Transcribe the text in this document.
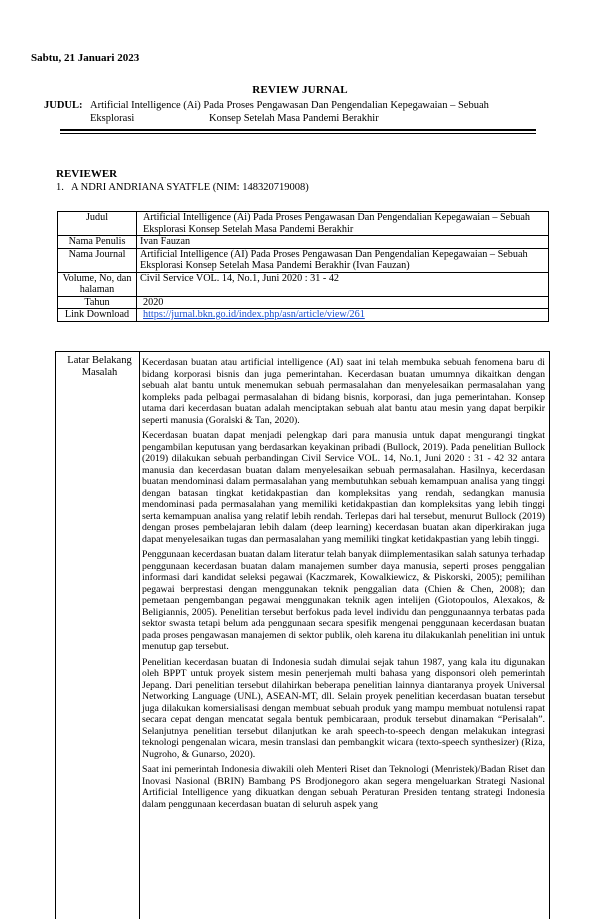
Sabtu, 21 Januari 2023
REVIEW JURNAL
JUDUL: Artificial Intelligence (Ai) Pada Proses Pengawasan Dan Pengendalian Kepegawaian – Sebuah
Eksplorasi	Konsep Setelah Masa Pandemi Berakhir
REVIEWER
1. A NDRI ANDRIANA SYATFLE (NIM: 148320719008)
Judul	Artificial Intelligence (Ai) Pada Proses Pengawasan Dan Pengendalian Kepegawaian – Sebuah Eksplorasi Konsep Setelah Masa Pandemi Berakhir
Nama Penulis	Ivan Fauzan
Nama Journal	Artificial Intelligence (AI) Pada Proses Pengawasan Dan Pengendalian Kepegawaian – Sebuah Eksplorasi Konsep Setelah Masa Pandemi Berakhir (Ivan Fauzan)
Volume, No, dan halaman	Civil Service VOL. 14, No.1, Juni 2020 : 31 - 42
Tahun	2020
Link Download	https://jurnal.bkn.go.id/index.php/asn/article/view/261
Latar Belakang Masalah

Kecerdasan buatan atau artificial intelligence (AI) saat ini telah membuka sebuah fenomena baru di bidang korporasi bisnis dan juga pemerintahan. Kecerdasan buatan umumnya dikaitkan dengan sebuah alat bantu untuk menemukan sebuah permasalahan dan menyelesaikan permasalahan yang kompleks pada pelbagai permasalahan di bidang bisnis, korporasi, dan juga pemerintahan. Konsep utama dari kecerdasan buatan adalah menciptakan sebuah alat bantu atau mesin yang dapat berpikir seperti manusia (Goralski & Tan, 2020).

Kecerdasan buatan dapat menjadi pelengkap dari para manusia untuk dapat mengurangi tingkat pengambilan keputusan yang berdasarkan keyakinan pribadi (Bullock, 2019). Pada penelitian Bullock (2019) dilakukan sebuah perbandingan Civil Service VOL. 14, No.1, Juni 2020 : 31 - 42 32 antara manusia dan kecerdasan buatan dalam menyelesaikan sebuah permasalahan. Hasilnya, kecerdasan buatan mendominasi dalam permasalahan yang membutuhkan sebuah kemampuan analisa yang tinggi dengan batasan tingkat ketidakpastian dan kompleksitas yang rendah, sedangkan manusia mendominasi pada permasalahan yang memiliki ketidakpastian dan kompleksitas yang lebih tinggi serta kemampuan analisa yang relatif lebih rendah. Terlepas dari hal tersebut, menurut Bullock (2019) dengan proses pembelajaran lebih dalam (deep learning) kecerdasan buatan akan diperkirakan juga dapat menyelesaikan tugas dan permasalahan yang memiliki tingkat ketidakpastian yang lebih tinggi.

Penggunaan kecerdasan buatan dalam literatur telah banyak diimplementasikan salah satunya terhadap penggunaan kecerdasan buatan dalam manajemen sumber daya manusia, seperti proses penggalian informasi dari kandidat seleksi pegawai (Kaczmarek, Kowalkiewicz, & Piskorski, 2005); pemilihan pegawai berprestasi dengan menggunakan teknik penggalian data (Chien & Chen, 2008); dan pemetaan pengembangan pegawai menggunakan teknik agen intelijen (Giotopoulos, Alexakos, & Beligiannis, 2005). Penelitian tersebut berfokus pada level individu dan penggunaannya terbatas pada sektor swasta tetapi belum ada penggunaan secara spesifik mengenai penggunaan kecerdasan buatan pada proses pengawasan manajemen di sektor publik, oleh karena itu dilakukanlah penelitian ini untuk menutup gap tersebut.

Penelitian kecerdasan buatan di Indonesia sudah dimulai sejak tahun 1987, yang kala itu digunakan oleh BPPT untuk proyek sistem mesin penerjemah multi bahasa yang disponsori oleh pemerintah Jepang. Dari penelitian tersebut dilahirkan beberapa penelitian lainnya diantaranya proyek Universal Networking Language (UNL), ASEAN-MT, dll. Selain proyek penelitian kecerdasan buatan tersebut juga dilakukan komersialisasi dengan membuat sebuah produk yang mampu membuat notulensi rapat secara cepat dengan mencatat segala bentuk pembicaraan, produk tersebut dinamakan “Perisalah”. Selanjutnya penelitian tersebut dilanjutkan ke arah speech-to-speech dengan melakukan integrasi teknologi pengenalan wicara, mesin translasi dan pembangkit wicara (texto-speech synthesizer) (Riza, Nugroho, & Gunarso, 2020).

Saat ini pemerintah Indonesia diwakili oleh Menteri Riset dan Teknologi (Menristek)/Badan Riset dan Inovasi Nasional (BRIN) Bambang PS Brodjonegoro akan segera mengeluarkan Strategi Nasional Artificial Intelligence yang dikuatkan dengan sebuah Peraturan Presiden tentang strategi Indonesia dalam penggunaan kecerdasan buatan di seluruh aspek yang
